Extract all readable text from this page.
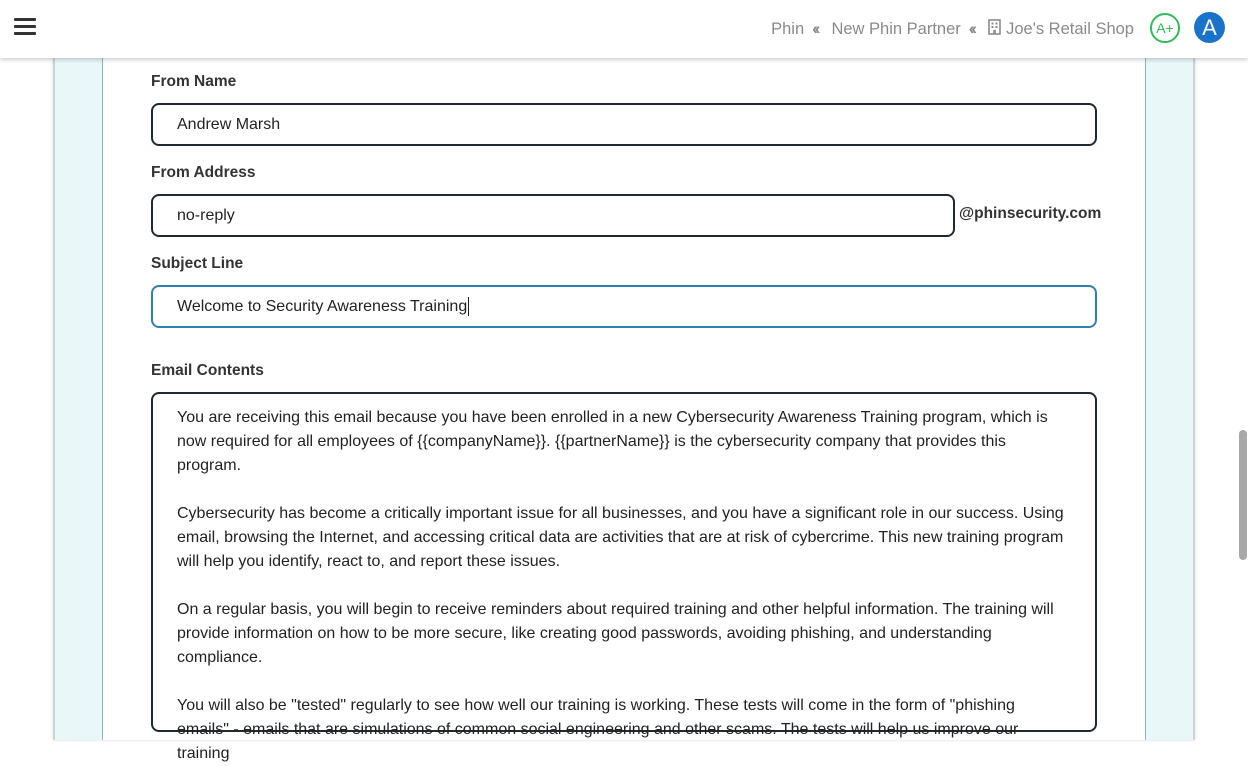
Phin ‹‹ New Phin Partner ‹‹ Joe's Retail Shop	A+	A
From Name
Andrew Marsh
From Address
no-reply	@phinsecurity.com
Subject Line
Welcome to Security Awareness Training
Email Contents

You are receiving this email because you have been enrolled in a new Cybersecurity Awareness Training program, which is now required for all employees of {{companyName}}. {{partnerName}} is the cybersecurity company that provides this program.

Cybersecurity has become a critically important issue for all businesses, and you have a significant role in our success. Using email, browsing the Internet, and accessing critical data are activities that are at risk of cybercrime. This new training program will help you identify, react to, and report these issues.

On a regular basis, you will begin to receive reminders about required training and other helpful information. The training will provide information on how to be more secure, like creating good passwords, avoiding phishing, and understanding compliance.

You will also be "tested" regularly to see how well our training is working. These tests will come in the form of "phishing emails" - emails that are simulations of common social engineering and other scams. The tests will help us improve our training
